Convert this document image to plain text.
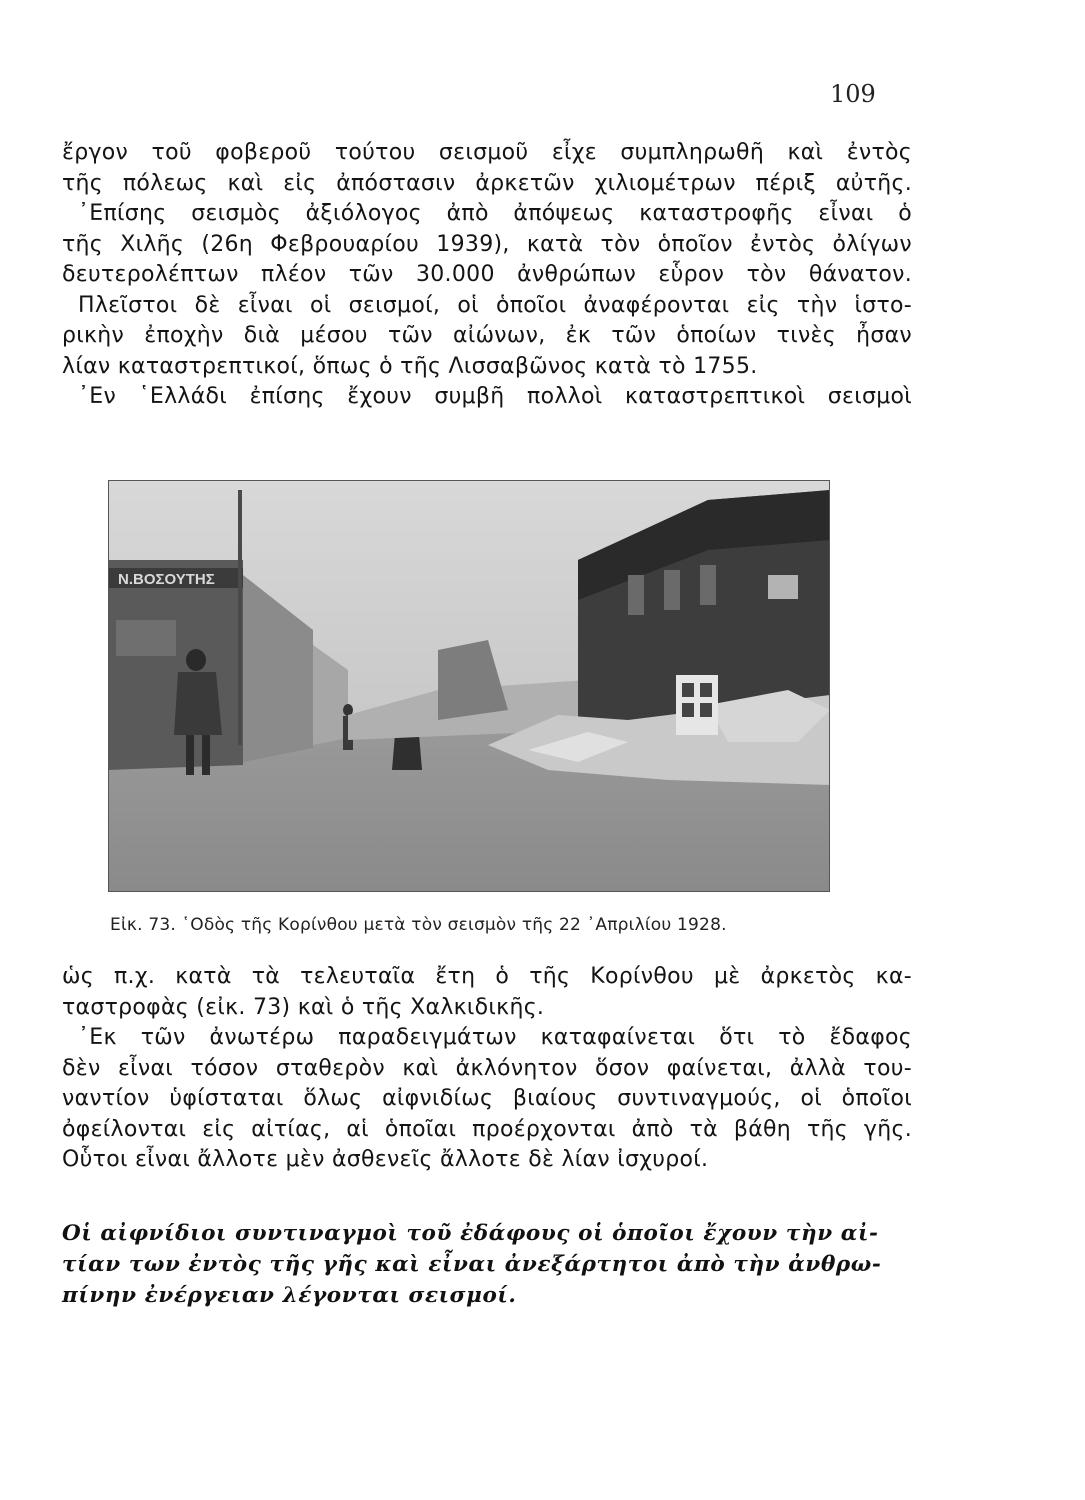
109
ἔργον τοῦ φοβεροῦ τούτου σεισμοῦ εἶχε συμπληρωθῆ καὶ ἐντὸς
τῆς πόλεως καὶ εἰς ἀπόστασιν ἀρκετῶν χιλιομέτρων πέριξ αὐτῆς.
᾿Επίσης σεισμὸς ἀξιόλογος ἀπὸ ἀπόψεως καταστροφῆς εἶναι ὁ
τῆς Χιλῆς (26η Φεβρουαρίου 1939), κατὰ τὸν ὁποῖον ἐντὸς ὀλίγων
δευτερολέπτων πλέον τῶν 30.000 ἀνθρώπων εὗρον τὸν θάνατον.
Πλεῖστοι δὲ εἶναι οἱ σεισμοί, οἱ ὁποῖοι ἀναφέρονται εἰς τὴν ἱστο-
ρικὴν ἐποχὴν διὰ μέσου τῶν αἰώνων, ἐκ τῶν ὁποίων τινὲς ἦσαν
λίαν καταστρεπτικοί, ὅπως ὁ τῆς Λισσαβῶνος κατὰ τὸ 1755.
᾿Εν ῾Ελλάδι ἐπίσης ἔχουν συμβῆ πολλοὶ καταστρεπτικοὶ σεισμοὶ
Ν.ΒΟΣΟΥΤΗΣ
Εἰκ. 73. ῾Οδὸς τῆς Κορίνθου μετὰ τὸν σεισμὸν τῆς 22 ᾿Απριλίου 1928.
ὡς π.χ. κατὰ τὰ τελευταῖα ἔτη ὁ τῆς Κορίνθου μὲ ἀρκετὸς κα-
ταστροφὰς (εἰκ. 73) καὶ ὁ τῆς Χαλκιδικῆς.
᾿Εκ τῶν ἀνωτέρω παραδειγμάτων καταφαίνεται ὅτι τὸ ἔδαφος
δὲν εἶναι τόσον σταθερὸν καὶ ἀκλόνητον ὅσον φαίνεται, ἀλλὰ του-
ναντίον ὑφίσταται ὅλως αἰφνιδίως βιαίους συντιναγμούς, οἱ ὁποῖοι
ὀφείλονται εἰς αἰτίας, αἱ ὁποῖαι προέρχονται ἀπὸ τὰ βάθη τῆς γῆς.
Οὗτοι εἶναι ἄλλοτε μὲν ἀσθενεῖς ἄλλοτε δὲ λίαν ἰσχυροί.
Οἱ αἰφνίδιοι συντιναγμοὶ τοῦ ἐδάφους οἱ ὁποῖοι ἔχουν τὴν αἰ-
τίαν των ἐντὸς τῆς γῆς καὶ εἶναι ἀνεξάρτητοι ἀπὸ τὴν ἀνθρω-
πίνην ἐνέργειαν λέγονται σεισμοί.
